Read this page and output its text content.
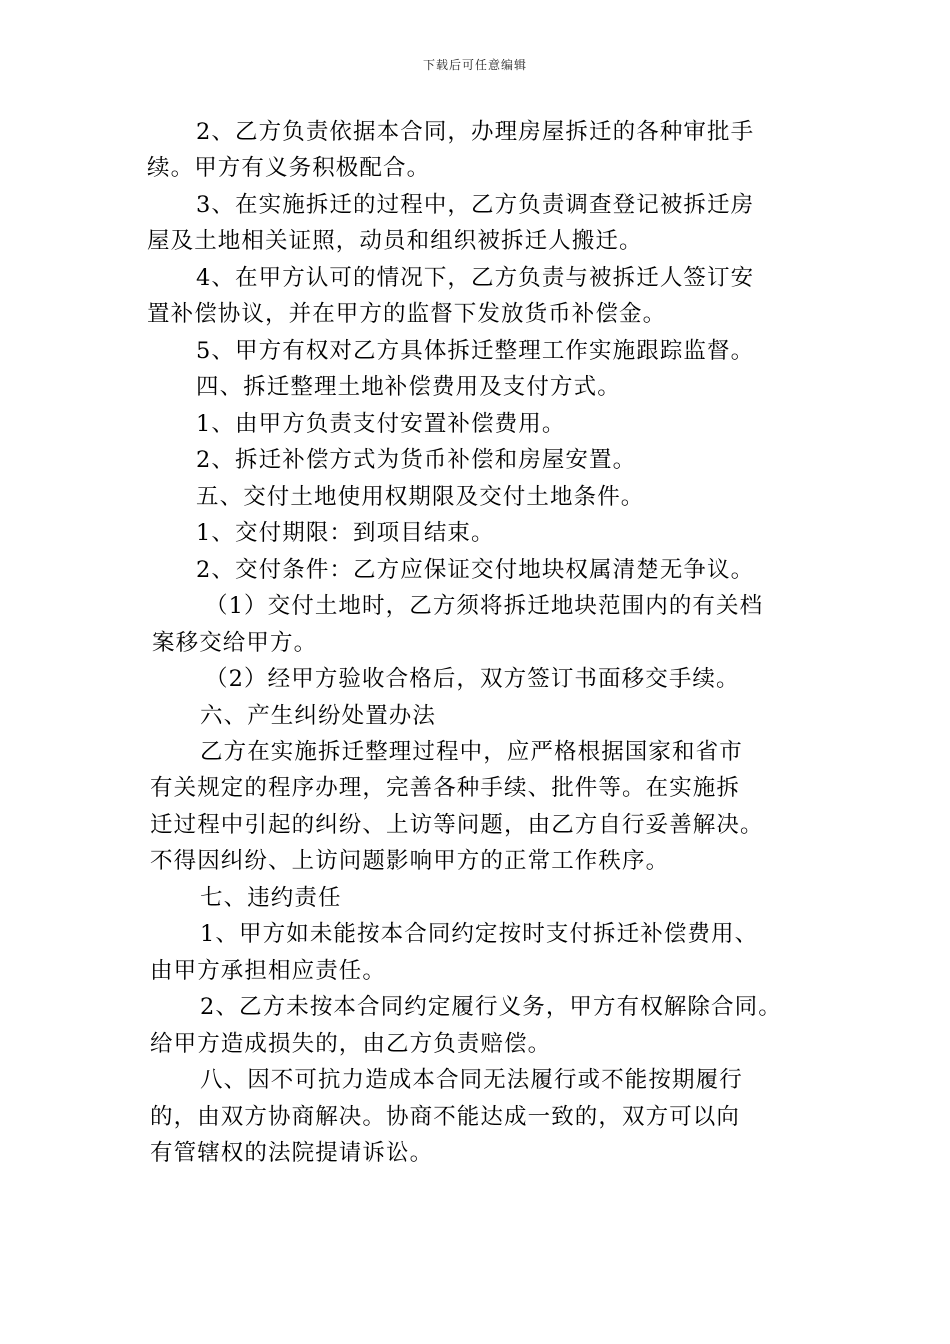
下载后可任意编辑
2、乙方负责依据本合同，办理房屋拆迁的各种审批手
续。甲方有义务积极配合。
3、在实施拆迁的过程中，乙方负责调查登记被拆迁房
屋及土地相关证照，动员和组织被拆迁人搬迁。
4、在甲方认可的情况下，乙方负责与被拆迁人签订安
置补偿协议，并在甲方的监督下发放货币补偿金。
5、甲方有权对乙方具体拆迁整理工作实施跟踪监督。
四、拆迁整理土地补偿费用及支付方式。
1、由甲方负责支付安置补偿费用。
2、拆迁补偿方式为货币补偿和房屋安置。
五、交付土地使用权期限及交付土地条件。
1、交付期限：到项目结束。
2、交付条件：乙方应保证交付地块权属清楚无争议。
（1）交付土地时，乙方须将拆迁地块范围内的有关档
案移交给甲方。
（2）经甲方验收合格后，双方签订书面移交手续。
六、产生纠纷处置办法
乙方在实施拆迁整理过程中，应严格根据国家和省市
有关规定的程序办理，完善各种手续、批件等。在实施拆
迁过程中引起的纠纷、上访等问题，由乙方自行妥善解决。
不得因纠纷、上访问题影响甲方的正常工作秩序。
七、违约责任
1、甲方如未能按本合同约定按时支付拆迁补偿费用、
由甲方承担相应责任。
2、乙方未按本合同约定履行义务，甲方有权解除合同。
给甲方造成损失的，由乙方负责赔偿。
八、因不可抗力造成本合同无法履行或不能按期履行
的，由双方协商解决。协商不能达成一致的，双方可以向
有管辖权的法院提请诉讼。
